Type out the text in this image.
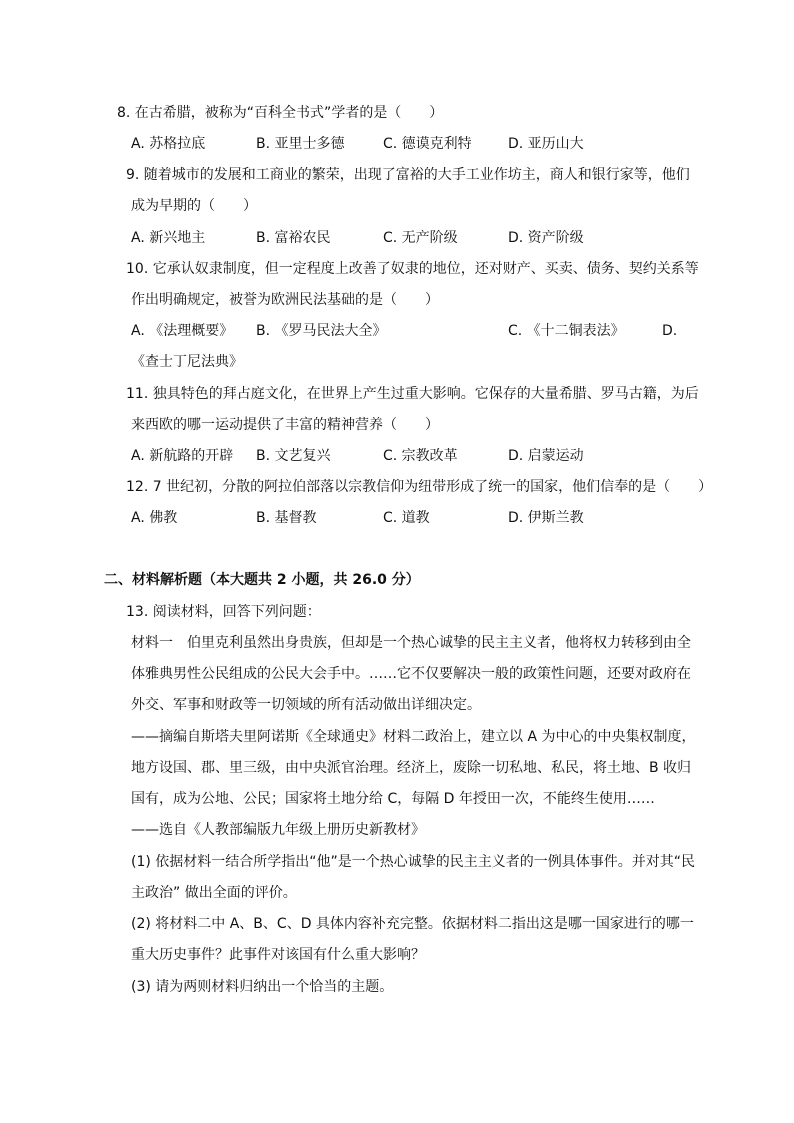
8. 在古希腊，被称为“百科全书式”学者的是（　　）
A. 苏格拉底	B. 亚里士多德	C. 德谟克利特	D. 亚历山大
9. 随着城市的发展和工商业的繁荣，出现了富裕的大手工业作坊主，商人和银行家等，他们
成为早期的（　　）
A. 新兴地主	B. 富裕农民	C. 无产阶级	D. 资产阶级
10. 它承认奴隶制度，但一定程度上改善了奴隶的地位，还对财产、买卖、债务、契约关系等
作出明确规定，被誉为欧洲民法基础的是（　　）
A. 《法理概要》 B. 《罗马民法大全》	C. 《十二铜表法》	D.
《查士丁尼法典》
11. 独具特色的拜占庭文化，在世界上产生过重大影响。它保存的大量希腊、罗马古籍，为后
来西欧的哪一运动提供了丰富的精神营养（　　）
A. 新航路的开辟 B. 文艺复兴	C. 宗教改革	D. 启蒙运动
12. 7 世纪初，分散的阿拉伯部落以宗教信仰为纽带形成了统一的国家，他们信奉的是（　　）
A. 佛教	B. 基督教	C. 道教	D. 伊斯兰教
二、材料解析题（本大题共 2 小题，共 26.0 分）
13. 阅读材料，回答下列问题：
材料一　伯里克利虽然出身贵族，但却是一个热心诚挚的民主主义者，他将权力转移到由全
体雅典男性公民组成的公民大会手中。……它不仅要解决一般的政策性问题，还要对政府在
外交、军事和财政等一切领域的所有活动做出详细决定。
——摘编自斯塔夫里阿诺斯《全球通史》材料二政治上，建立以 A 为中心的中央集权制度，
地方设国、郡、里三级，由中央派官治理。经济上，废除一切私地、私民，将土地、B 收归
国有，成为公地、公民；国家将土地分给 C，每隔 D 年授田一次，不能终生使用……
——选自《人教部编版九年级上册历史新教材》
(1) 依据材料一结合所学指出“他”是一个热心诚挚的民主主义者的一例具体事件。并对其“民
主政治” 做出全面的评价。
(2) 将材料二中 A、B、C、D 具体内容补充完整。依据材料二指出这是哪一国家进行的哪一
重大历史事件？此事件对该国有什么重大影响？
(3) 请为两则材料归纳出一个恰当的主题。
